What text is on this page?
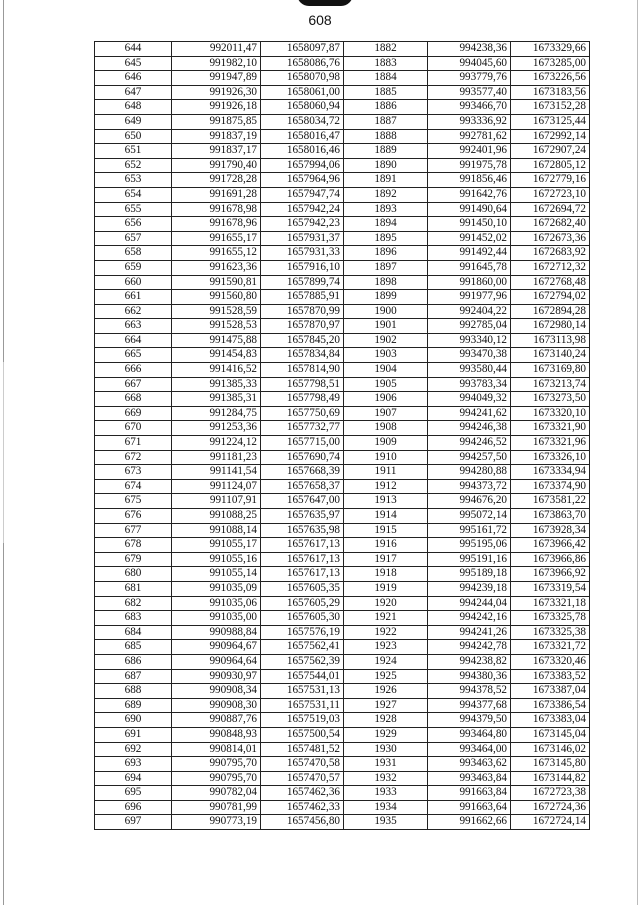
608
644	992011,47	1658097,87	1882	994238,36	1673329,66
645	991982,10	1658086,76	1883	994045,60	1673285,00
646	991947,89	1658070,98	1884	993779,76	1673226,56
647	991926,30	1658061,00	1885	993577,40	1673183,56
648	991926,18	1658060,94	1886	993466,70	1673152,28
649	991875,85	1658034,72	1887	993336,92	1673125,44
650	991837,19	1658016,47	1888	992781,62	1672992,14
651	991837,17	1658016,46	1889	992401,96	1672907,24
652	991790,40	1657994,06	1890	991975,78	1672805,12
653	991728,28	1657964,96	1891	991856,46	1672779,16
654	991691,28	1657947,74	1892	991642,76	1672723,10
655	991678,98	1657942,24	1893	991490,64	1672694,72
656	991678,96	1657942,23	1894	991450,10	1672682,40
657	991655,17	1657931,37	1895	991452,02	1672673,36
658	991655,12	1657931,33	1896	991492,44	1672683,92
659	991623,36	1657916,10	1897	991645,78	1672712,32
660	991590,81	1657899,74	1898	991860,00	1672768,48
661	991560,80	1657885,91	1899	991977,96	1672794,02
662	991528,59	1657870,99	1900	992404,22	1672894,28
663	991528,53	1657870,97	1901	992785,04	1672980,14
664	991475,88	1657845,20	1902	993340,12	1673113,98
665	991454,83	1657834,84	1903	993470,38	1673140,24
666	991416,52	1657814,90	1904	993580,44	1673169,80
667	991385,33	1657798,51	1905	993783,34	1673213,74
668	991385,31	1657798,49	1906	994049,32	1673273,50
669	991284,75	1657750,69	1907	994241,62	1673320,10
670	991253,36	1657732,77	1908	994246,38	1673321,90
671	991224,12	1657715,00	1909	994246,52	1673321,96
672	991181,23	1657690,74	1910	994257,50	1673326,10
673	991141,54	1657668,39	1911	994280,88	1673334,94
674	991124,07	1657658,37	1912	994373,72	1673374,90
675	991107,91	1657647,00	1913	994676,20	1673581,22
676	991088,25	1657635,97	1914	995072,14	1673863,70
677	991088,14	1657635,98	1915	995161,72	1673928,34
678	991055,17	1657617,13	1916	995195,06	1673966,42
679	991055,16	1657617,13	1917	995191,16	1673966,86
680	991055,14	1657617,13	1918	995189,18	1673966,92
681	991035,09	1657605,35	1919	994239,18	1673319,54
682	991035,06	1657605,29	1920	994244,04	1673321,18
683	991035,00	1657605,30	1921	994242,16	1673325,78
684	990988,84	1657576,19	1922	994241,26	1673325,38
685	990964,67	1657562,41	1923	994242,78	1673321,72
686	990964,64	1657562,39	1924	994238,82	1673320,46
687	990930,97	1657544,01	1925	994380,36	1673383,52
688	990908,34	1657531,13	1926	994378,52	1673387,04
689	990908,30	1657531,11	1927	994377,68	1673386,54
690	990887,76	1657519,03	1928	994379,50	1673383,04
691	990848,93	1657500,54	1929	993464,80	1673145,04
692	990814,01	1657481,52	1930	993464,00	1673146,02
693	990795,70	1657470,58	1931	993463,62	1673145,80
694	990795,70	1657470,57	1932	993463,84	1673144,82
695	990782,04	1657462,36	1933	991663,84	1672723,38
696	990781,99	1657462,33	1934	991663,64	1672724,36
697	990773,19	1657456,80	1935	991662,66	1672724,14
